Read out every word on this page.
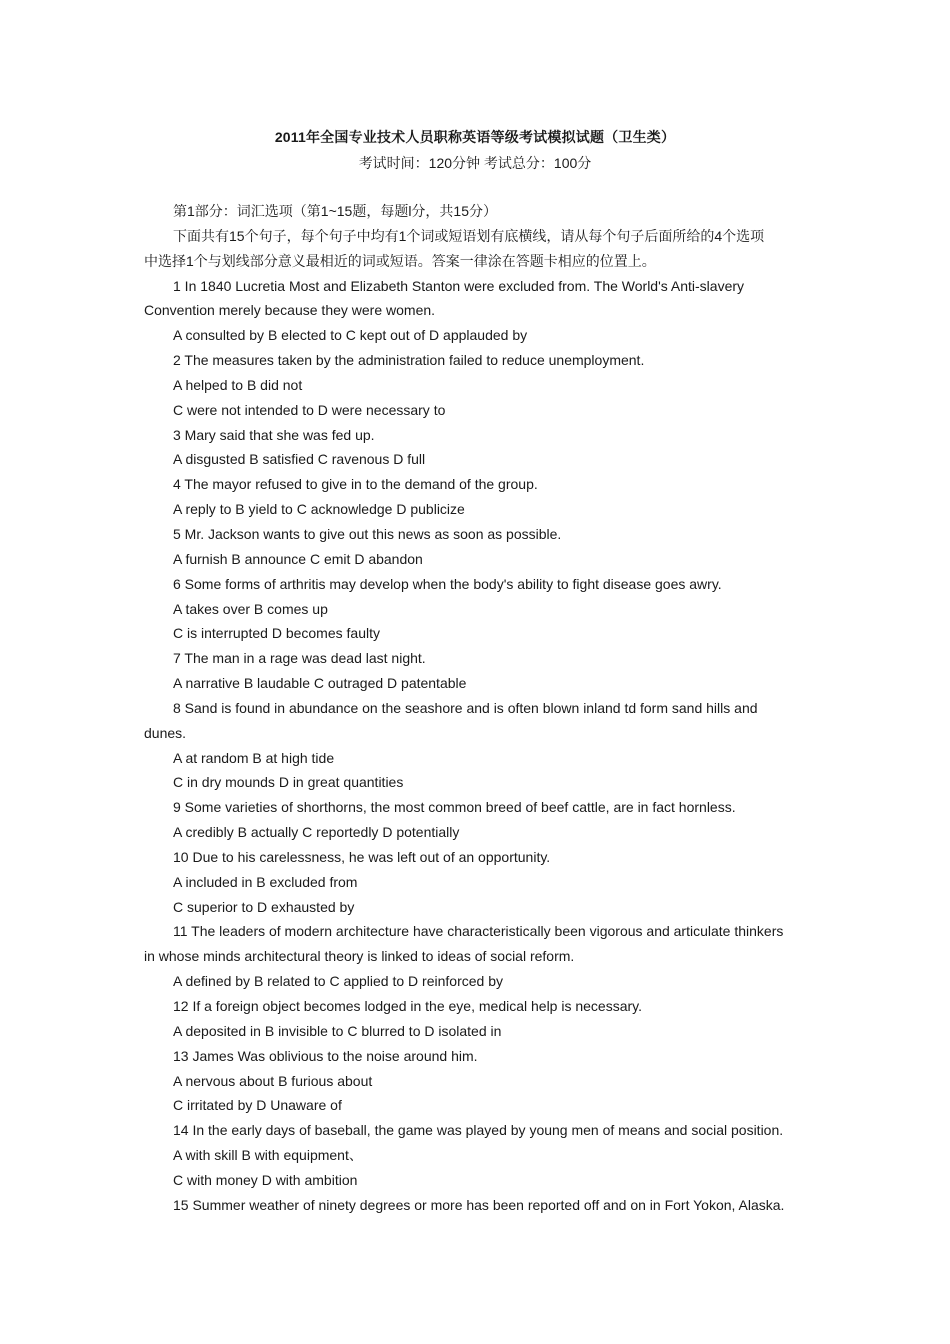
2011年全国专业技术人员职称英语等级考试模拟试题（卫生类）
考试时间：120分钟 考试总分：100分
第1部分：词汇选项（第1~15题，每题l分，共15分）
下面共有15个句子，每个句子中均有1个词或短语划有底横线，请从每个句子后面所给的4个选项
中选择1个与划线部分意义最相近的词或短语。答案一律涂在答题卡相应的位置上。
1 In 1840 Lucretia Most and Elizabeth Stanton were excluded from. The World's Anti-slavery
Convention merely because they were women.
A consulted by B elected to C kept out of D applauded by
2 The measures taken by the administration failed to reduce unemployment.
A helped to B did not
C were not intended to D were necessary to
3 Mary said that she was fed up.
A disgusted B satisfied C ravenous D full
4 The mayor refused to give in to the demand of the group.
A reply to B yield to C acknowledge D publicize
5 Mr. Jackson wants to give out this news as soon as possible.
A furnish B announce C emit D abandon
6 Some forms of arthritis may develop when the body's ability to fight disease goes awry.
A takes over B comes up
C is interrupted D becomes faulty
7 The man in a rage was dead last night.
A narrative B laudable C outraged D patentable
8 Sand is found in abundance on the seashore and is often blown inland td form sand hills and
dunes.
A at random B at high tide
C in dry mounds D in great quantities
9 Some varieties of shorthorns, the most common breed of beef cattle, are in fact hornless.
A credibly B actually C reportedly D potentially
10 Due to his carelessness, he was left out of an opportunity.
A included in B excluded from
C superior to D exhausted by
11 The leaders of modern architecture have characteristically been vigorous and articulate thinkers
in whose minds architectural theory is linked to ideas of social reform.
A defined by B related to C applied to D reinforced by
12 If a foreign object becomes lodged in the eye, medical help is necessary.
A deposited in B invisible to C blurred to D isolated in
13 James Was oblivious to the noise around him.
A nervous about B furious about
C irritated by D Unaware of
14 In the early days of baseball, the game was played by young men of means and social position.
A with skill B with equipment、
C with money D with ambition
15 Summer weather of ninety degrees or more has been reported off and on in Fort Yokon, Alaska.
